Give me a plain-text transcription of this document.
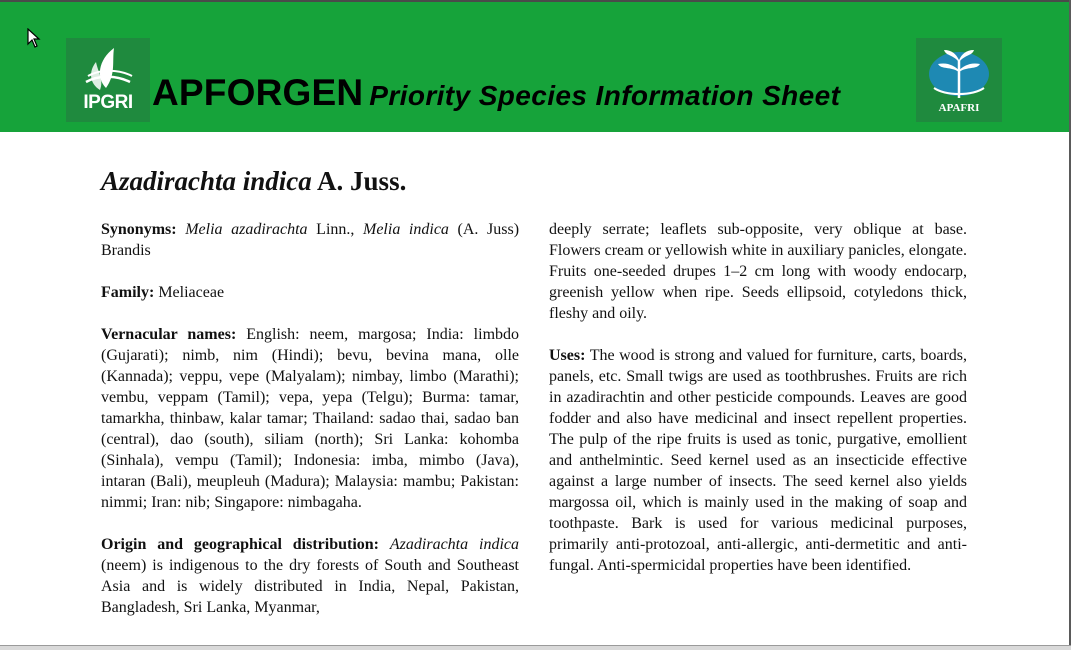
IPGRI APFORGEN Priority Species Information Sheet	APAFRI
Azadirachta indica A. Juss.

Synonyms: Melia azadirachta Linn., Melia indica (A. Juss) Brandis

Family: Meliaceae

Vernacular names: English: neem, margosa; India: limbdo (Gujarati); nimb, nim (Hindi); bevu, bevina mana, olle (Kannada); veppu, vepe (Malyalam); nimbay, limbo (Marathi); vembu, veppam (Tamil); vepa, yepa (Telgu); Burma: tamar, tamarkha, thinbaw, kalar tamar; Thailand: sadao thai, sadao ban (central), dao (south), siliam (north); Sri Lanka: kohomba (Sinhala), vempu (Tamil); Indonesia: imba, mimbo (Java), intaran (Bali), meupleuh (Madura); Malaysia: mambu; Pakistan: nimmi; Iran: nib; Singapore: nimbagaha.

Origin and geographical distribution: Azadirachta indica (neem) is indigenous to the dry forests of South and Southeast Asia and is widely distributed in India, Nepal, Pakistan, Bangladesh, Sri Lanka, Myanmar,

deeply serrate; leaflets sub-opposite, very oblique at base. Flowers cream or yellowish white in auxiliary panicles, elongate. Fruits one-seeded drupes 1–2 cm long with woody endocarp, greenish yellow when ripe. Seeds ellipsoid, cotyledons thick, fleshy and oily.

Uses: The wood is strong and valued for furniture, carts, boards, panels, etc. Small twigs are used as toothbrushes. Fruits are rich in azadirachtin and other pesticide compounds. Leaves are good fodder and also have medicinal and insect repellent properties. The pulp of the ripe fruits is used as tonic, purgative, emollient and anthelmintic. Seed kernel used as an insecticide effective against a large number of insects. The seed kernel also yields margossa oil, which is mainly used in the making of soap and toothpaste. Bark is used for various medicinal purposes, primarily anti-protozoal, anti-allergic, anti-dermetitic and anti-fungal. Anti-spermicidal properties have been identified.
